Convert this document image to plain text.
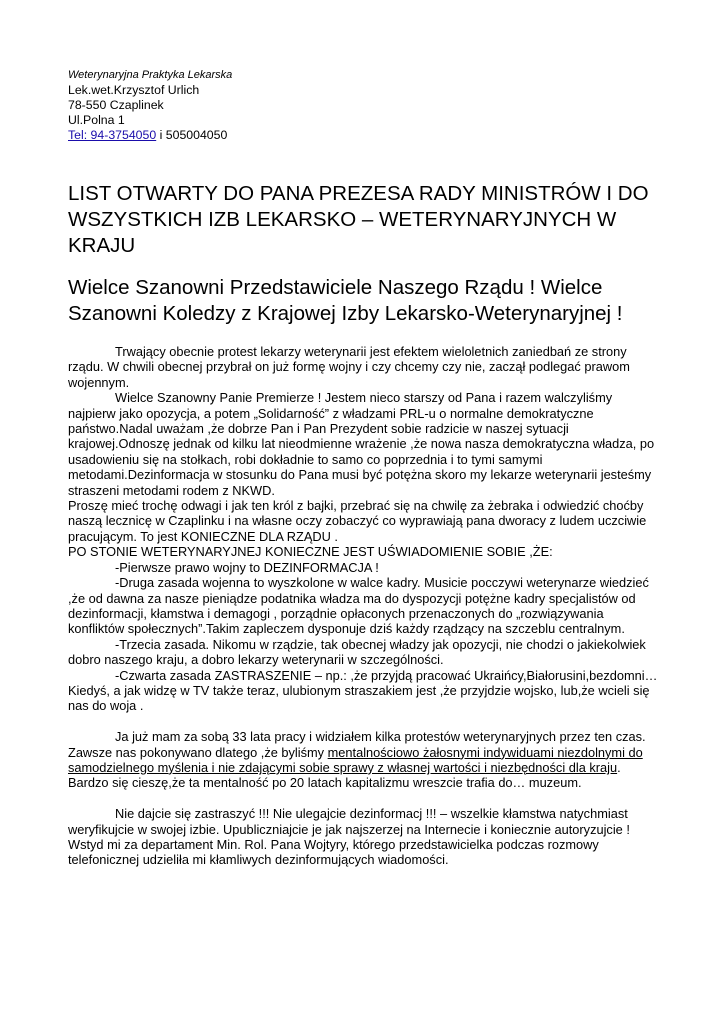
Weterynaryjna Praktyka Lekarska
Lek.wet.Krzysztof Urlich
78-550 Czaplinek
Ul.Polna 1
Tel: 94-3754050 i 505004050
LIST OTWARTY DO PANA PREZESA RADY MINISTRÓW I DO WSZYSTKICH IZB LEKARSKO – WETERYNARYJNYCH W KRAJU
Wielce Szanowni Przedstawiciele Naszego Rządu ! Wielce Szanowni Koledzy z Krajowej Izby Lekarsko-Weterynaryjnej !

Trwający obecnie protest lekarzy weterynarii jest efektem wieloletnich zaniedbań ze strony rządu. W chwili obecnej przybrał on już formę wojny i czy chcemy czy nie, zaczął podlegać prawom wojennym.

Wielce Szanowny Panie Premierze ! Jestem nieco starszy od Pana i razem walczyliśmy najpierw jako opozycja, a potem „Solidarność” z władzami PRL-u o normalne demokratyczne państwo.Nadal uważam ,że dobrze Pan i Pan Prezydent sobie radzicie w naszej sytuacji krajowej.Odnoszę jednak od kilku lat nieodmienne wrażenie ,że nowa nasza demokratyczna władza, po usadowieniu się na stołkach, robi dokładnie to samo co poprzednia i to tymi samymi metodami.Dezinformacja w stosunku do Pana musi być potężna skoro my lekarze weterynarii jesteśmy straszeni metodami rodem z NKWD.

Proszę mieć trochę odwagi i jak ten król z bajki, przebrać się na chwilę za żebraka i odwiedzić choćby naszą lecznicę w Czaplinku i na własne oczy zobaczyć co wyprawiają pana dworacy z ludem uczciwie pracującym. To jest KONIECZNE DLA RZĄDU .

PO STONIE WETERYNARYJNEJ KONIECZNE JEST UŚWIADOMIENIE SOBIE ,ŻE:

-Pierwsze prawo wojny to DEZINFORMACJA !

-Druga zasada wojenna to wyszkolone w walce kadry. Musicie pocczywi weterynarze wiedzieć ,że od dawna za nasze pieniądze podatnika władza ma do dyspozycji potężne kadry specjalistów od dezinformacji, kłamstwa i demagogi , porządnie opłaconych przenaczonych do „rozwiązywania konfliktów społecznych”.Takim zapleczem dysponuje dziś każdy rządzący na szczeblu centralnym.

-Trzecia zasada. Nikomu w rządzie, tak obecnej władzy jak opozycji, nie chodzi o jakiekolwiek dobro naszego kraju, a dobro lekarzy weterynarii w szczególności.

-Czwarta zasada ZASTRASZENIE – np.: ,że przyjdą pracować Ukraińcy,Białorusini,bezdomni… Kiedyś, a jak widzę w TV także teraz, ulubionym straszakiem jest ,że przyjdzie wojsko, lub,że wcieli się nas do woja .

Ja już mam za sobą 33 lata pracy i widziałem kilka protestów weterynaryjnych przez ten czas. Zawsze nas pokonywano dlatego ,że byliśmy mentalnościowo żałosnymi indywiduami niezdolnymi do samodzielnego myślenia i nie zdającymi sobie sprawy z własnej wartości i niezbędności dla kraju. Bardzo się cieszę,że ta mentalność po 20 latach kapitalizmu wreszcie trafia do… muzeum.

Nie dajcie się zastraszyć !!! Nie ulegajcie dezinformacj !!! – wszelkie kłamstwa natychmiast weryfikujcie w swojej izbie. Upubliczniajcie je jak najszerzej na Internecie i koniecznie autoryzujcie !

Wstyd mi za departament Min. Rol. Pana Wojtyry, którego przedstawicielka podczas rozmowy telefonicznej udzieliła mi kłamliwych dezinformujących wiadomości.
